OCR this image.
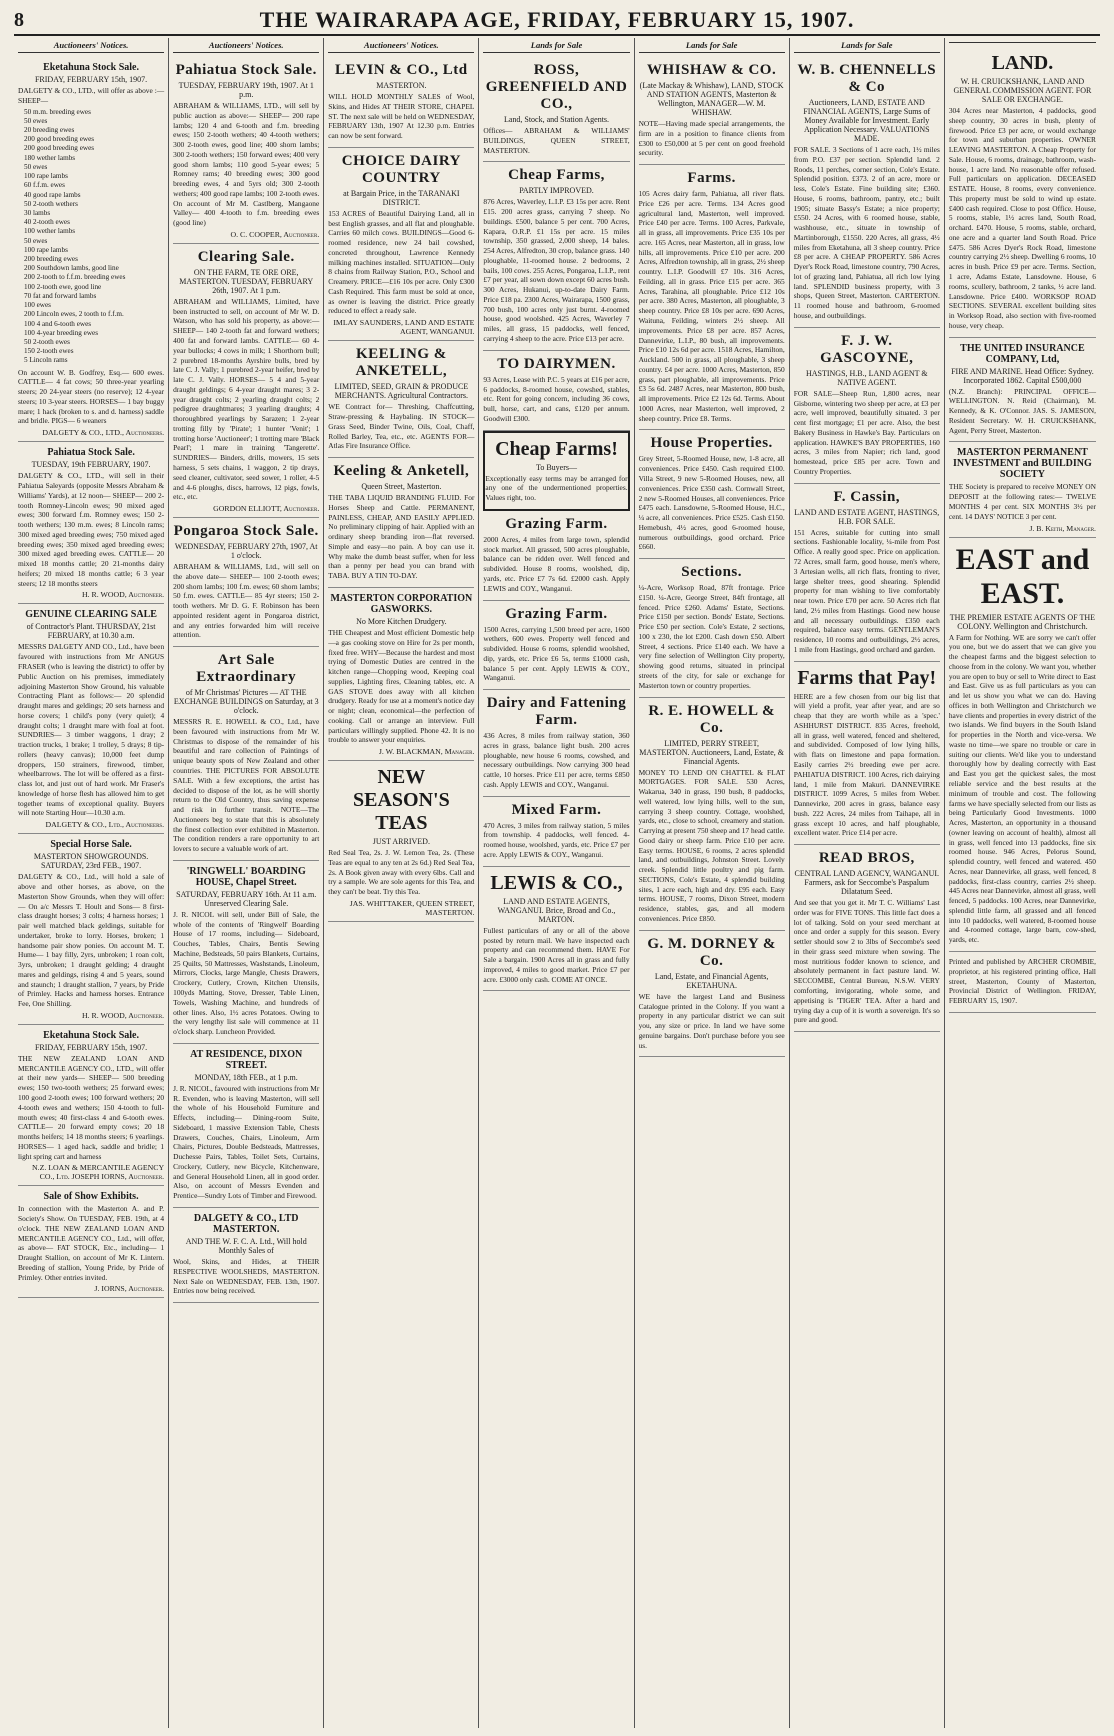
8	THE WAIRARAPA AGE, FRIDAY, FEBRUARY 15, 1907.
Auctioneers' Notices.
Eketahuna Stock Sale.
FRIDAY, FEBRUARY 15th, 1907.
DALGETY & CO., LTD., will offer as above :— SHEEP—
50 m.m. breeding ewes
50 ewes
20 breeding ewes
200 good breeding ewes
200 good breeding ewes
180 wether lambs
50 ewes
100 rape lambs
60 f.f.m. ewes
40 good rape lambs
50 2-tooth wethers
30 lambs
40 2-tooth ewes
100 wether lambs
50 ewes
100 rape lambs
200 breeding ewes
200 Southdown lambs, good line
200 2-tooth to f.f.m. breeding ewes
100 2-tooth ewe, good line
70 fat and forward lambs
100 ewes
200 Lincoln ewes, 2 tooth to f.f.m.
100 4 and 6-tooth ewes
100 4-year breeding ewes
50 2-tooth ewes
150 2-tooth ewes
5 Lincoln rams
On account W. B. Godfrey, Esq.— 600 ewes. CATTLE— 4 fat cows; 50 three-year yearling steers; 20 24-year steers (no reserve); 12 4-year steers; 10 3-year steers. HORSES— 1 bay buggy mare; 1 hack (broken to s. and d. harness) saddle and bridle. PIGS— 6 weaners
DALGETY & CO., LTD., Auctioneers.
Pahiatua Stock Sale.
TUESDAY, 19th FEBRUARY, 1907.
DALGETY & CO., LTD., will sell in their Pahiatua Saleyards (opposite Messrs Abraham & Williams' Yards), at 12 noon— SHEEP— 200 2-tooth Romney-Lincoln ewes; 90 mixed aged ewes; 300 forward f.m. Romney ewes; 150 2-tooth wethers; 130 m.m. ewes; 8 Lincoln rams; 300 mixed aged breeding ewes; 750 mixed aged breeding ewes; 350 mixed aged breeding ewes; 300 mixed aged breeding ewes. CATTLE— 20 mixed 18 months cattle; 20 21-months dairy heifers; 20 mixed 18 months cattle; 6 3 year steers; 12 18 months steers
H. R. WOOD, Auctioneer.
GENUINE CLEARING SALE
of Contractor's Plant. THURSDAY, 21st FEBRUARY, at 10.30 a.m.
MESSRS DALGETY AND CO., Ltd., have been favoured with instructions from Mr ANGUS FRASER (who is leaving the district) to offer by Public Auction on his premises, immediately adjoining Masterton Show Ground, his valuable Contracting Plant as follows:— 20 splendid draught mares and geldings; 20 sets harness and horse covers; 1 child's pony (very quiet); 4 draught colts; 1 draught mare with foal at foot. SUNDRIES— 3 timber waggons, 1 dray; 2 traction trucks, 1 brake; 1 trolley, 5 drays; 8 tip-rollers (heavy canvas); 10,000 feet dump droppers, 150 strainers, firewood, timber, wheelbarrows. The lot will be offered as a first-class lot, and just out of hard work. Mr Fraser's knowledge of horse flesh has allowed him to get together teams of exceptional quality. Buyers will note Starting Hour—10.30 a.m.
DALGETY & CO., Ltd., Auctioneers.
Special Horse Sale.
MASTERTON SHOWGROUNDS. SATURDAY, 23rd FEB., 1907.
DALGETY & CO., Ltd., will hold a sale of above and other horses, as above, on the Masterton Show Grounds, when they will offer:— On a/c Messrs T. Hoult and Sons— 8 first-class draught horses; 3 colts; 4 harness horses; 1 pair well matched black geldings, suitable for undertaker, broke to lorry. Horses, broken; 1 handsome pair show ponies. On account M. T. Hume— 1 bay filly, 2yrs, unbroken; 1 roan colt, 3yrs, unbroken; 1 draught gelding; 4 draught mares and geldings, rising 4 and 5 years, sound and staunch; 1 draught stallion, 7 years, by Pride of Primley. Hacks and harness horses. Entrance Fee, One Shilling.
H. R. WOOD, Auctioneer.
Eketahuna Stock Sale.
FRIDAY, FEBRUARY 15th, 1907.
THE NEW ZEALAND LOAN AND MERCANTILE AGENCY CO., LTD., will offer at their new yards— SHEEP— 500 breeding ewes; 150 two-tooth wethers; 25 forward ewes; 100 good 2-tooth ewes; 100 forward wethers; 20 4-tooth ewes and wethers; 150 4-tooth to full-mouth ewes; 40 first-class 4 and 6-tooth ewes. CATTLE— 20 forward empty cows; 20 18 months heifers; 14 18 months steers; 6 yearlings. HORSES— 1 aged hack, saddle and bridle; 1 light spring cart and harness
N.Z. LOAN & MERCANTILE AGENCY CO., Ltd. JOSEPH IORNS, Auctioneer.
Sale of Show Exhibits.
In connection with the Masterton A. and P. Society's Show. On TUESDAY, FEB. 19th, at 4 o'clock. THE NEW ZEALAND LOAN AND MERCANTILE AGENCY CO., Ltd., will offer, as above— FAT STOCK, Etc., including— 1 Draught Stallion, on account of Mr K. Lintern. Breeding of stallion, Young Pride, by Pride of Primley. Other entries invited.
J. IORNS, Auctioneer.
Auctioneers' Notices.
Pahiatua Stock Sale.
TUESDAY, FEBRUARY 19th, 1907. At 1 p.m.
ABRAHAM & WILLIAMS, LTD., will sell by public auction as above:— SHEEP— 200 rape lambs; 120 4 and 6-tooth and f.m. breeding ewes; 150 2-tooth wethers; 40 4-tooth wethers; 300 2-tooth ewes, good line; 400 shorn lambs; 300 2-tooth wethers; 150 forward ewes; 400 very good shorn lambs; 110 good 5-year ewes; 5 Romney rams; 40 breeding ewes; 300 good breeding ewes, 4 and 5yrs old; 300 2-tooth wethers; 400 good rape lambs; 100 2-tooth ewes. On account of Mr M. Castlberg, Mangaone Valley— 400 4-tooth to f.m. breeding ewes (good line)
O. C. COOPER, Auctioneer.
Clearing Sale.
ON THE FARM, TE ORE ORE, MASTERTON. TUESDAY, FEBRUARY 26th, 1907. At 1 p.m.
ABRAHAM and WILLIAMS, Limited, have been instructed to sell, on account of Mr W. D. Watson, who has sold his property, as above:— SHEEP— 140 2-tooth fat and forward wethers; 400 fat and forward lambs. CATTLE— 60 4-year bullocks; 4 cows in milk; 1 Shorthorn bull; 2 purebred 18-months Ayrshire bulls, bred by late C. J. Vally; 1 purebred 2-year heifer, bred by late C. J. Vally. HORSES— 5 4 and 5-year draught geldings; 6 4-year draught mares; 3 2-year draught colts; 2 yearling draught colts; 2 pedigree draughtmares; 3 yearling draughts; 4 thoroughbred yearlings by Sarazen; 1 2-year trotting filly by 'Pirate'; 1 hunter 'Venit'; 1 trotting horse 'Auctioneer'; 1 trotting mare 'Black Pearl'; 1 mare in training 'Tangerette'. SUNDRIES— Binders, drills, mowers, 15 sets harness, 5 sets chains, 1 waggon, 2 tip drays, seed cleaner, cultivator, seed sower, 1 roller, 4-5 and 4-6 ploughs, discs, harrows, 12 pigs, fowls, etc., etc.
GORDON ELLIOTT, Auctioneer.
Pongaroa Stock Sale.
WEDNESDAY, FEBRUARY 27th, 1907, At 1 o'clock.
ABRAHAM & WILLIAMS, Ltd., will sell on the above date— SHEEP— 100 2-tooth ewes; 200 shorn lambs; 100 f.m. ewes; 60 shorn lambs; 50 f.m. ewes. CATTLE— 85 4yr steers; 150 2-tooth wethers. Mr D. G. F. Robinson has been appointed resident agent in Pongaroa district, and any entries forwarded him will receive attention.
Art Sale Extraordinary
of Mr Christmas' Pictures — AT THE EXCHANGE BUILDINGS on Saturday, at 3 o'clock.
MESSRS R. E. HOWELL & CO., Ltd., have been favoured with instructions from Mr W. Christmas to dispose of the remainder of his beautiful and rare collection of Paintings of unique beauty spots of New Zealand and other countries. THE PICTURES FOR ABSOLUTE SALE. With a few exceptions, the artist has decided to dispose of the lot, as he will shortly return to the Old Country, thus saving expense and risk in further transit. NOTE—The Auctioneers beg to state that this is absolutely the finest collection ever exhibited in Masterton. The condition renders a rare opportunity to art lovers to secure a valuable work of art.
'RINGWELL' BOARDING HOUSE, Chapel Street.
SATURDAY, FEBRUARY 16th. At 11 a.m. Unreserved Clearing Sale.
J. R. NICOL will sell, under Bill of Sale, the whole of the contents of 'Ringwell' Boarding House of 17 rooms, including— Sideboard, Couches, Tables, Chairs, Bentis Sewing Machine, Bedsteads, 50 pairs Blankets, Curtains, 25 Quilts, 50 Mattresses, Washstands, Linoleum, Mirrors, Clocks, large Mangle, Chests Drawers, Crockery, Cutlery, Crown, Kitchen Utensils, 100yds Matting, Stove, Dresser, Table Linen, Towels, Washing Machine, and hundreds of other lines. Also, 1½ acres Potatoes. Owing to the very lengthy list sale will commence at 11 o'clock sharp. Luncheon Provided.
AT RESIDENCE, DIXON STREET.
MONDAY, 18th FEB., at 1 p.m.
J. R. NICOL, favoured with instructions from Mr R. Evenden, who is leaving Masterton, will sell the whole of his Household Furniture and Effects, including— Dining-room Suite, Sideboard, 1 massive Extension Table, Chests Drawers, Couches, Chairs, Linoleum, Arm Chairs, Pictures, Double Bedsteads, Mattresses, Duchesse Pairs, Tables, Toilet Sets, Curtains, Crockery, Cutlery, new Bicycle, Kitchenware, and General Household Linen, all in good order. Also, on account of Messrs Evenden and Prentice—Sundry Lots of Timber and Firewood.
DALGETY & CO., LTD MASTERTON.
AND THE W. F. C. A. Ltd., Will hold Monthly Sales of
Wool, Skins, and Hides, at THEIR RESPECTIVE WOOLSHEDS, MASTERTON. Next Sale on WEDNESDAY, FEB. 13th, 1907. Entries now being received.
Auctioneers' Notices.
LEVIN & CO., Ltd
MASTERTON.
WILL HOLD MONTHLY SALES of Wool, Skins, and Hides AT THEIR STORE, CHAPEL ST. The next sale will be held on WEDNESDAY, FEBRUARY 13th, 1907 At 12.30 p.m. Entries can now be sent forward.
CHOICE DAIRY COUNTRY
at Bargain Price, in the TARANAKI DISTRICT.
153 ACRES of Beautiful Dairying Land, all in best English grasses, and all flat and ploughable. Carries 60 milch cows. BUILDINGS—Good 6-roomed residence, new 24 bail cowshed, concreted throughout, Lawrence Kennedy milking machines installed. SITUATION—Only 8 chains from Railway Station, P.O., School and Creamery. PRICE—£16 10s per acre. Only £300 Cash Required. This farm must be sold at once, as owner is leaving the district. Price greatly reduced to effect a ready sale.
IMLAY SAUNDERS, LAND AND ESTATE AGENT, WANGANUI.
KEELING & ANKETELL,
LIMITED, SEED, GRAIN & PRODUCE MERCHANTS. Agricultural Contractors.
WE Contract for— Threshing, Chaffcutting, Straw-pressing & Haybaling. IN STOCK— Grass Seed, Binder Twine, Oils, Coal, Chaff, Rolled Barley, Tea, etc., etc. AGENTS FOR— Atlas Fire Insurance Office.
Keeling & Anketell,
Queen Street, Masterton.
THE TABA LIQUID BRANDING FLUID. For Horses Sheep and Cattle. PERMANENT, PAINLESS, CHEAP, AND EASILY APPLIED. No preliminary clipping of hair. Applied with an ordinary sheep branding iron—flat reversed. Simple and easy—no pain. A boy can use it. Why make the dumb beast suffer, when for less than a penny per head you can brand with TABA. BUY A TIN TO-DAY.
MASTERTON CORPORATION GASWORKS.
No More Kitchen Drudgery.
THE Cheapest and Most efficient Domestic help—a gas cooking stove on Hire for 2s per month, fixed free. WHY—Because the hardest and most trying of Domestic Duties are centred in the kitchen range—Chopping wood, Keeping coal supplies, Lighting fires, Cleaning tables, etc. A GAS STOVE does away with all kitchen drudgery. Ready for use at a moment's notice day or night; clean, economical—the perfection of cooking. Call or arrange an interview. Full particulars willingly supplied. Phone 42. It is no trouble to answer your enquiries.
J. W. BLACKMAN, Manager.
NEW SEASON'S TEAS
JUST ARRIVED.
Red Seal Tea, 2s. J. W. Lemon Tea, 2s. (These Teas are equal to any ten at 2s 6d.) Red Seal Tea, 2s. A Book given away with every 6lbs. Call and try a sample. We are sole agents for this Tea, and they can't be beat. Try this Tea.
JAS. WHITTAKER, QUEEN STREET, MASTERTON.
Lands for Sale
ROSS, GREENFIELD AND CO.,
Land, Stock, and Station Agents.
Offices— ABRAHAM & WILLIAMS' BUILDINGS, QUEEN STREET, MASTERTON.
Cheap Farms,
PARTLY IMPROVED.
876 Acres, Waverley, L.I.P. £3 15s per acre. Rent £15. 200 acres grass, carrying 7 sheep. No buildings. £500, balance 5 per cent. 700 Acres, Kapara, O.R.P. £1 15s per acre. 15 miles township, 350 grassed, 2,000 sheep, 14 bales. 254 Acres, Alfredton, 30 crop, balance grass. 140 ploughable, 11-roomed house. 2 bedrooms, 2 bails, 100 cows. 255 Acres, Pongaroa, L.I.P., rent £7 per year, all sown down except 60 acres bush. 300 Acres, Hukanui, up-to-date Dairy Farm. Price £18 pa. 2300 Acres, Wairarapa, 1500 grass, 700 bush, 100 acres only just burnt. 4-roomed house, good woolshed. 425 Acres, Waverley 7 miles, all grass, 15 paddocks, well fenced, carrying 4 sheep to the acre. Price £13 per acre.
TO DAIRYMEN.
93 Acres, Lease with P.C. 5 years at £16 per acre, 6 paddocks, 8-roomed house, cowshed, stables, etc. Rent for going concern, including 36 cows, bull, horse, cart, and cans, £120 per annum. Goodwill £300.
Cheap Farms!
To Buyers—
Exceptionally easy terms may be arranged for any one of the undermentioned properties. Values right, too.
Grazing Farm.
2000 Acres, 4 miles from large town, splendid stock market. All grassed, 500 acres ploughable, balance can be ridden over. Well fenced and subdivided. House 8 rooms, woolshed, dip, yards, etc. Price £7 7s 6d. £2000 cash. Apply LEWIS and COY., Wanganui.
Grazing Farm.
1500 Acres, carrying 1,500 breed per acre, 1600 wethers, 600 ewes. Property well fenced and subdivided. House 6 rooms, splendid woolshed, dip, yards, etc. Price £6 5s, terms £1000 cash, balance 5 per cent. Apply LEWIS & COY., Wanganui.
Dairy and Fattening Farm.
436 Acres, 8 miles from railway station, 360 acres in grass, balance light bush. 200 acres ploughable, new house 6 rooms, cowshed, and necessary outbuildings. Now carrying 300 head cattle, 10 horses. Price £11 per acre, terms £850 cash. Apply LEWIS and COY., Wanganui.
Mixed Farm.
470 Acres, 3 miles from railway station, 5 miles from township. 4 paddocks, well fenced. 4-roomed house, woolshed, yards, etc. Price £7 per acre. Apply LEWIS & COY., Wanganui.
LEWIS & CO.,
LAND AND ESTATE AGENTS, WANGANUI. Brice, Broad and Co., MARTON.
Fullest particulars of any or all of the above posted by return mail. We have inspected each property and can recommend them. HAVE For Sale a bargain. 1900 Acres all in grass and fully improved, 4 miles to good market. Price £7 per acre. £3000 only cash. COME AT ONCE.
Lands for Sale
WHISHAW & CO.
(Late Mackay & Whishaw), LAND, STOCK AND STATION AGENTS, Masterton & Wellington, MANAGER—W. M. WHISHAW.
NOTE—Having made special arrangements, the firm are in a position to finance clients from £300 to £50,000 at 5 per cent on good freehold security.
Farms.
105 Acres dairy farm, Pahiatua, all river flats. Price £26 per acre. Terms. 134 Acres good agricultural land, Masterton, well improved. Price £40 per acre. Terms. 100 Acres, Parkvale, all in grass, all improvements. Price £35 10s per acre. 165 Acres, near Masterton, all in grass, low hills, all improvements. Price £10 per acre. 200 Acres, Alfredton township, all in grass, 2½ sheep country. L.I.P. Goodwill £7 10s. 316 Acres, Feilding, all in grass. Price £15 per acre. 365 Acres, Tarahina, all ploughable. Price £12 10s per acre. 380 Acres, Masterton, all ploughable, 3 sheep country. Price £8 10s per acre. 690 Acres, Waituna, Feilding, winters 2½ sheep. All improvements. Price £8 per acre. 857 Acres, Dannevirke, L.I.P., 80 bush, all improvements. Price £10 12s 6d per acre. 1518 Acres, Hamilton, Auckland. 500 in grass, all ploughable, 3 sheep country. £4 per acre. 1000 Acres, Masterton, 850 grass, part ploughable, all improvements. Price £3 5s 6d. 2487 Acres, near Masterton, 800 bush, all improvements. Price £2 12s 6d. Terms. About 1000 Acres, near Masterton, well improved, 2 sheep country. Price £8. Terms.
House Properties.
Grey Street, 5-Roomed House, new, 1-8 acre, all conveniences. Price £450. Cash required £100. Villa Street, 9 new 5-Roomed Houses, new, all conveniences. Price £350 cash. Cornwall Street, 2 new 5-Roomed Houses, all conveniences. Price £475 each. Lansdowne, 5-Roomed House, H.C., ¼ acre, all conveniences. Price £525. Cash £150. Hemebush, 4½ acres, good 6-roomed house, numerous outbuildings, good orchard. Price £660.
Sections.
¼-Acre, Worksop Road, 87ft frontage. Price £150. ¼-Acre, George Street, 84ft frontage, all fenced. Price £260. Adams' Estate, Sections. Price £150 per section. Bonds' Estate, Sections. Price £50 per section. Cole's Estate, 2 sections, 100 x 230, the lot £200. Cash down £50. Albert Street, 4 sections. Price £140 each. We have a very fine selection of Wellington City property, showing good returns, situated in principal streets of the city, for sale or exchange for Masterton town or country properties.
R. E. HOWELL & Co.
LIMITED, PERRY STREET, MASTERTON. Auctioneers, Land, Estate, & Financial Agents.
MONEY TO LEND ON CHATTEL & FLAT MORTGAGES. FOR SALE. 530 Acres, Wakarua, 340 in grass, 190 bush, 8 paddocks, well watered, low lying hills, well to the sun, carrying 3 sheep country. Cottage, woolshed, yards, etc., close to school, creamery and station. Carrying at present 750 sheep and 17 head cattle. Good dairy or sheep farm. Price £10 per acre. Easy terms. HOUSE, 6 rooms, 2 acres splendid land, and outbuildings, Johnston Street. Lovely creek. Splendid little poultry and pig farm. SECTIONS, Cole's Estate, 4 splendid building sites, 1 acre each, high and dry. £95 each. Easy terms. HOUSE, 7 rooms, Dixon Street, modern residence, stables, gas, and all modern conveniences. Price £850.
G. M. DORNEY & Co.
Land, Estate, and Financial Agents, EKETAHUNA.
WE have the largest Land and Business Catalogue printed in the Colony. If you want a property in any particular district we can suit you, any size or price. In land we have some genuine bargains. Don't purchase before you see us.
Lands for Sale
W. B. CHENNELLS & Co
Auctioneers, LAND, ESTATE AND FINANCIAL AGENTS, Large Sums of Money Available for Investment. Early Application Necessary. VALUATIONS MADE.
FOR SALE. 3 Sections of 1 acre each, 1½ miles from P.O. £37 per section. Splendid land. 2 Roods, 11 perches, corner section, Cole's Estate. Splendid position. £373. 2 of an acre, more or less, Cole's Estate. Fine building site; £360. House, 6 rooms, bathroom, pantry, etc.; built 1905; situate Bassy's Estate; a nice property; £550. 24 Acres, with 6 roomed house, stable, washhouse, etc., situate in township of Martinborough, £1550. 220 Acres, all grass, 4½ miles from Eketahuna, all 3 sheep country. Price £8 per acre. A CHEAP PROPERTY. 586 Acres Dyer's Rock Road, limestone country, 790 Acres, lot of grazing land, Pahiatua, all rich low lying land. SPLENDID business property, with 3 shops, Queen Street, Masterton. CARTERTON. 11 roomed house and bathroom, 6-roomed house, and outbuildings.
F. J. W. GASCOYNE,
HASTINGS, H.B., LAND AGENT & NATIVE AGENT.
FOR SALE—Sheep Run, 1,800 acres, near Gisborne, wintering two sheep per acre, at £3 per acre, well improved, beautifully situated. 3 per cent first mortgage; £1 per acre. Also, the best Bakery Business in Hawke's Bay. Particulars on application. HAWKE'S BAY PROPERTIES, 160 acres, 3 miles from Napier; rich land, good homestead, price £85 per acre. Town and Country Properties.
F. Cassin,
LAND AND ESTATE AGENT, HASTINGS, H.B. FOR SALE.
151 Acres, suitable for cutting into small sections. Fashionable locality, ¼-mile from Post Office. A really good spec. Price on application. 72 Acres, small farm, good house, men's where, 3 Artesian wells, all rich flats, fronting to river, large shelter trees, good shearing. Splendid property for man wishing to live comfortably near town. Price £70 per acre. 50 Acres rich flat land, 2½ miles from Hastings. Good new house and all necessary outbuildings. £350 each required, balance easy terms. GENTLEMAN'S residence, 10 rooms and outbuildings, 2½ acres, 1 mile from Hastings, good orchard and garden.
Farms that Pay!
HERE are a few chosen from our big list that will yield a profit, year after year, and are so cheap that they are worth while as a 'spec.' ASHHURST DISTRICT. 835 Acres, freehold, all in grass, well watered, fenced and sheltered, and subdivided. Composed of low lying hills, with flats on limestone and papa formation. Easily carries 2½ breeding ewe per acre. PAHIATUA DISTRICT. 100 Acres, rich dairying land, 1 mile from Makuri. DANNEVIRKE DISTRICT. 1099 Acres, 5 miles from Weber. Dannevirke, 200 acres in grass, balance easy bush. 222 Acres, 24 miles from Taihape, all in grass except 10 acres, and half ploughable, excellent water. Price £14 per acre.
READ BROS,
CENTRAL LAND AGENCY, WANGANUI. Farmers, ask for Seccombe's Paspalum Dilatatum Seed.
And see that you get it. Mr T. C. Williams' Last order was for FIVE TONS. This little fact does a lot of talking. Sold on your seed merchant at once and order a supply for this season. Every settler should sow 2 to 3lbs of Seccombe's seed in their grass seed mixture when sowing. The most nutritious fodder known to science, and absolutely permanent in fact pasture land. W. SECCOMBE, Central Bureau, N.S.W. VERY comforting, invigorating, whole some, and appetising is 'TIGER' TEA. After a hard and trying day a cup of it is worth a sovereign. It's so pure and good.
LAND.
W. H. CRUICKSHANK, LAND AND GENERAL COMMISSION AGENT. FOR SALE OR EXCHANGE.
304 Acres near Masterton, 4 paddocks, good sheep country, 30 acres in bush, plenty of firewood. Price £3 per acre, or would exchange for town and suburban properties. OWNER LEAVING MASTERTON. A Cheap Property for Sale. House, 6 rooms, drainage, bathroom, wash-house, 1 acre land. No reasonable offer refused. Full particulars on application. DECEASED ESTATE. House, 8 rooms, every convenience. This property must be sold to wind up estate. £400 cash required. Close to post Office. House, 5 rooms, stable, 1½ acres land, South Road, orchard. £470. House, 5 rooms, stable, orchard, one acre and a quarter land South Road. Price £475. 586 Acres Dyer's Rock Road, limestone country carrying 2½ sheep. Dwelling 6 rooms, 10 acres in bush. Price £9 per acre. Terms. Section, 1 acre, Adams Estate, Lansdowne. House, 6 rooms, scullery, bathroom, 2 tanks, ½ acre land. Lansdowne. Price £400. WORKSOP ROAD SECTIONS. SEVERAL excellent building sites in Worksop Road, also section with five-roomed house, very cheap.
THE UNITED INSURANCE COMPANY, Ltd,
FIRE AND MARINE. Head Office: Sydney. Incorporated 1862. Capital £500,000
(N.Z. Branch): PRINCIPAL OFFICE—WELLINGTON. N. Reid (Chairman), M. Kennedy, & K. O'Connor. JAS. S. JAMESON, Resident Secretary. W. H. CRUICKSHANK, Agent, Perry Street, Masterton.
MASTERTON PERMANENT INVESTMENT and BUILDING SOCIETY
THE Society is prepared to receive MONEY ON DEPOSIT at the following rates:— TWELVE MONTHS 4 per cent. SIX MONTHS 3½ per cent. 14 DAYS' NOTICE 3 per cent.
J. B. Keith, Manager.
EAST and EAST.
THE PREMIER ESTATE AGENTS OF THE COLONY. Wellington and Christchurch.
A Farm for Nothing. WE are sorry we can't offer you one, but we do assert that we can give you the cheapest farms and the biggest selection to choose from in the colony. We want you, whether you are open to buy or sell to Write direct to East and East. Give us as full particulars as you can and let us show you what we can do. Having offices in both Wellington and Christchurch we have clients and properties in every district of the two islands. We find buyers in the South Island for properties in the North and vice-versa. We waste no time—we spare no trouble or care in suiting our clients. We'd like you to understand thoroughly how by dealing correctly with East and East you get the quickest sales, the most reliable service and the best results at the minimum of trouble and cost. The following farms we have specially selected from our lists as being Particularly Good Investments. 1000 Acres, Masterton, an opportunity in a thousand (owner leaving on account of health), almost all in grass, well fenced into 13 paddocks, fine six roomed house. 946 Acres, Pelorus Sound, splendid country, well fenced and watered. 450 Acres, near Dannevirke, all grass, well fenced, 8 paddocks, first-class country, carries 2½ sheep. 445 Acres near Dannevirke, almost all grass, well fenced, 5 paddocks. 100 Acres, near Dannevirke, splendid little farm, all grassed and all fenced into 10 paddocks, well watered, 8-roomed house and 4-roomed cottage, large barn, cow-shed, yards, etc.
Printed and published by ARCHER CROMBIE, proprietor, at his registered printing office, Hall street, Masterton, County of Masterton, Provincial District of Wellington. FRIDAY, FEBRUARY 15, 1907.
